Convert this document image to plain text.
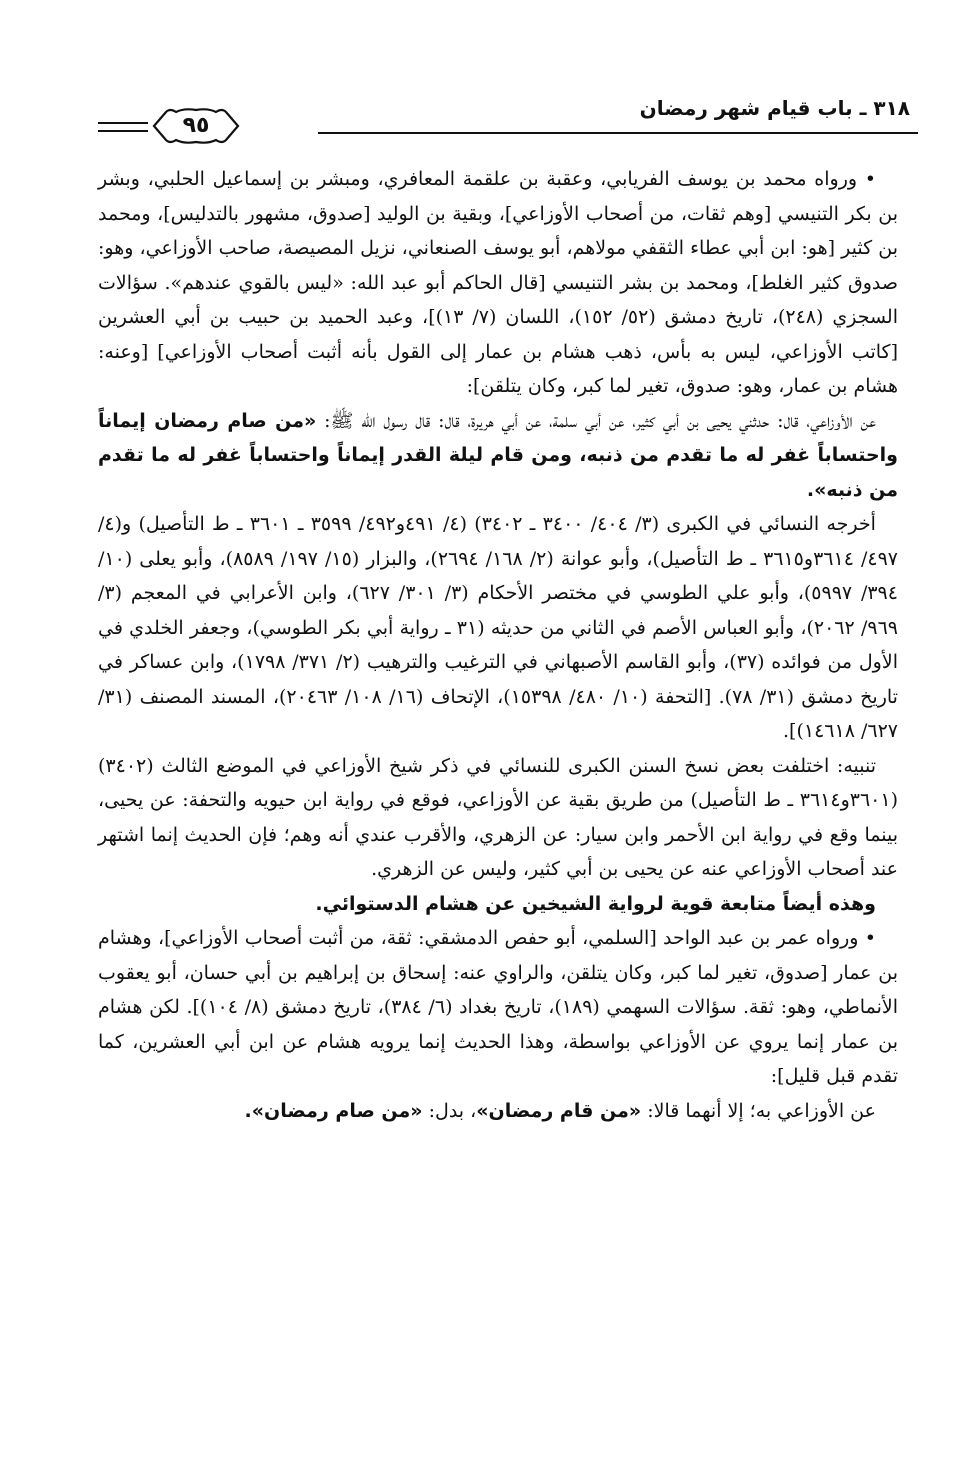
٣١٨ ـ باب قيام شهر رمضان
٩٥

• ورواه محمد بن يوسف الفريابي، وعقبة بن علقمة المعافري، ومبشر بن إسماعيل الحلبي، وبشر بن بكر التنيسي [وهم ثقات، من أصحاب الأوزاعي]، وبقية بن الوليد [صدوق، مشهور بالتدليس]، ومحمد بن كثير [هو: ابن أبي عطاء الثقفي مولاهم، أبو يوسف الصنعاني، نزيل المصيصة، صاحب الأوزاعي، وهو: صدوق كثير الغلط]، ومحمد بن بشر التنيسي [قال الحاكم أبو عبد الله: «ليس بالقوي عندهم». سؤالات السجزي (٢٤٨)، تاريخ دمشق (٥٢/ ١٥٢)، اللسان (٧/ ١٣)]، وعبد الحميد بن حبيب بن أبي العشرين [كاتب الأوزاعي، ليس به بأس، ذهب هشام بن عمار إلى القول بأنه أثبت أصحاب الأوزاعي] [وعنه: هشام بن عمار، وهو: صدوق، تغير لما كبر، وكان يتلقن]:

عن الأوزاعي، قال: حدثني يحيى بن أبي كثير، عن أبي سلمة، عن أبي هريرة، قال: قال رسول الله ﷺ: «من صام رمضان إيماناً واحتساباً غفر له ما تقدم من ذنبه، ومن قام ليلة القدر إيماناً واحتساباً غفر له ما تقدم من ذنبه».

أخرجه النسائي في الكبرى (٣/ ٤٠٤/ ٣٤٠٠ ـ ٣٤٠٢) (٤/ ٤٩١و٤٩٢/ ٣٥٩٩ ـ ٣٦٠١ ـ ط التأصيل) و(٤/ ٤٩٧/ ٣٦١٤و٣٦١٥ ـ ط التأصيل)، وأبو عوانة (٢/ ١٦٨/ ٢٦٩٤)، والبزار (١٥/ ١٩٧/ ٨٥٨٩)، وأبو يعلى (١٠/ ٣٩٤/ ٥٩٩٧)، وأبو علي الطوسي في مختصر الأحكام (٣/ ٣٠١/ ٦٢٧)، وابن الأعرابي في المعجم (٣/ ٩٦٩/ ٢٠٦٢)، وأبو العباس الأصم في الثاني من حديثه (٣١ ـ رواية أبي بكر الطوسي)، وجعفر الخلدي في الأول من فوائده (٣٧)، وأبو القاسم الأصبهاني في الترغيب والترهيب (٢/ ٣٧١/ ١٧٩٨)، وابن عساكر في تاريخ دمشق (٣١/ ٧٨). [التحفة (١٠/ ٤٨٠/ ١٥٣٩٨)، الإتحاف (١٦/ ١٠٨/ ٢٠٤٦٣)، المسند المصنف (٣١/ ٦٢٧/ ١٤٦١٨)].

تنبيه: اختلفت بعض نسخ السنن الكبرى للنسائي في ذكر شيخ الأوزاعي في الموضع الثالث (٣٤٠٢) (٣٦٠١و٣٦١٤ ـ ط التأصيل) من طريق بقية عن الأوزاعي، فوقع في رواية ابن حيويه والتحفة: عن يحيى، بينما وقع في رواية ابن الأحمر وابن سيار: عن الزهري، والأقرب عندي أنه وهم؛ فإن الحديث إنما اشتهر عند أصحاب الأوزاعي عنه عن يحيى بن أبي كثير، وليس عن الزهري.

وهذه أيضاً متابعة قوية لرواية الشيخين عن هشام الدستوائي.

• ورواه عمر بن عبد الواحد [السلمي، أبو حفص الدمشقي: ثقة، من أثبت أصحاب الأوزاعي]، وهشام بن عمار [صدوق، تغير لما كبر، وكان يتلقن، والراوي عنه: إسحاق بن إبراهيم بن أبي حسان، أبو يعقوب الأنماطي، وهو: ثقة. سؤالات السهمي (١٨٩)، تاريخ بغداد (٦/ ٣٨٤)، تاريخ دمشق (٨/ ١٠٤)]. لكن هشام بن عمار إنما يروي عن الأوزاعي بواسطة، وهذا الحديث إنما يرويه هشام عن ابن أبي العشرين، كما تقدم قبل قليل]:

عن الأوزاعي به؛ إلا أنهما قالا: «من قام رمضان»، بدل: «من صام رمضان».
